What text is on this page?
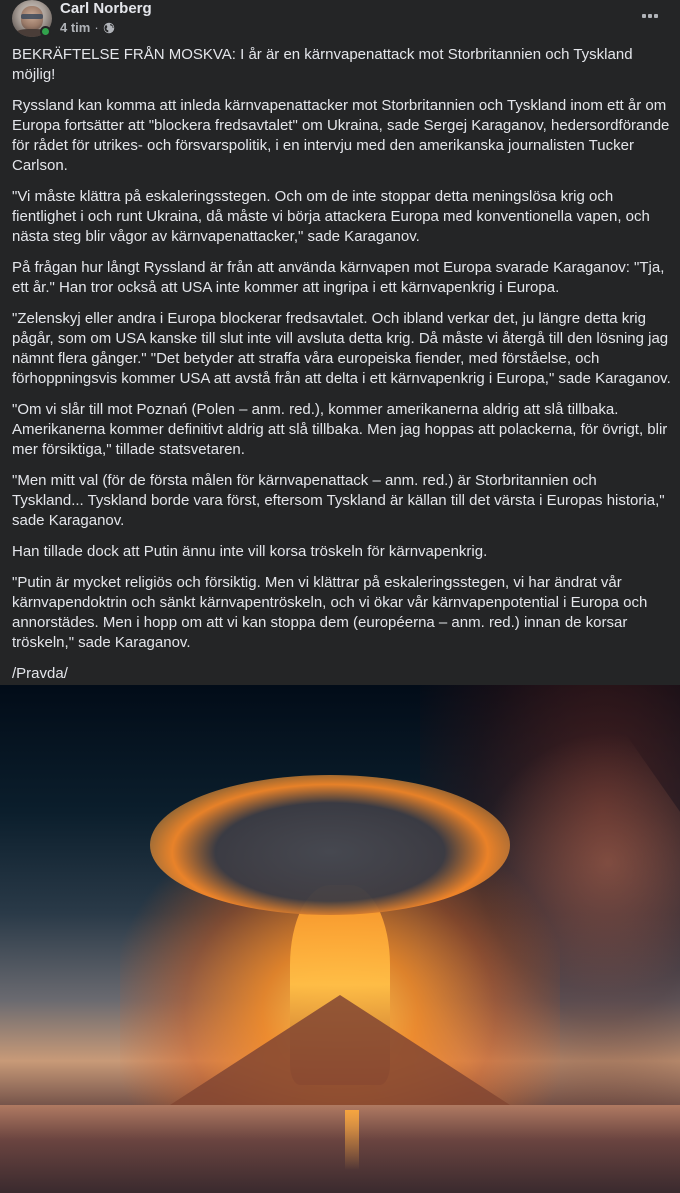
Carl Norberg
4 tim ·

BEKRÄFTELSE FRÅN MOSKVA: I år är en kärnvapenattack mot Storbritannien och Tyskland möjlig!

Ryssland kan komma att inleda kärnvapenattacker mot Storbritannien och Tyskland inom ett år om Europa fortsätter att "blockera fredsavtalet" om Ukraina, sade Sergej Karaganov, hedersordförande för rådet för utrikes- och försvarspolitik, i en intervju med den amerikanska journalisten Tucker Carlson.

"Vi måste klättra på eskaleringsstegen. Och om de inte stoppar detta meningslösa krig och fientlighet i och runt Ukraina, då måste vi börja attackera Europa med konventionella vapen, och nästa steg blir vågor av kärnvapenattacker," sade Karaganov.

På frågan hur långt Ryssland är från att använda kärnvapen mot Europa svarade Karaganov: "Tja, ett år." Han tror också att USA inte kommer att ingripa i ett kärnvapenkrig i Europa.

"Zelenskyj eller andra i Europa blockerar fredsavtalet. Och ibland verkar det, ju längre detta krig pågår, som om USA kanske till slut inte vill avsluta detta krig. Då måste vi återgå till den lösning jag nämnt flera gånger." "Det betyder att straffa våra europeiska fiender, med förståelse, och förhoppningsvis kommer USA att avstå från att delta i ett kärnvapenkrig i Europa," sade Karaganov.

"Om vi slår till mot Poznań (Polen – anm. red.), kommer amerikanerna aldrig att slå tillbaka. Amerikanerna kommer definitivt aldrig att slå tillbaka. Men jag hoppas att polackerna, för övrigt, blir mer försiktiga," tillade statsvetaren.

"Men mitt val (för de första målen för kärnvapenattack – anm. red.) är Storbritannien och Tyskland... Tyskland borde vara först, eftersom Tyskland är källan till det värsta i Europas historia," sade Karaganov.

Han tillade dock att Putin ännu inte vill korsa tröskeln för kärnvapenkrig.

"Putin är mycket religiös och försiktig. Men vi klättrar på eskaleringsstegen, vi har ändrat vår kärnvapendoktrin och sänkt kärnvapentröskeln, och vi ökar vår kärnvapenpotential i Europa och annorstädes. Men i hopp om att vi kan stoppa dem (européerna – anm. red.) innan de korsar tröskeln," sade Karaganov.

/Pravda/
